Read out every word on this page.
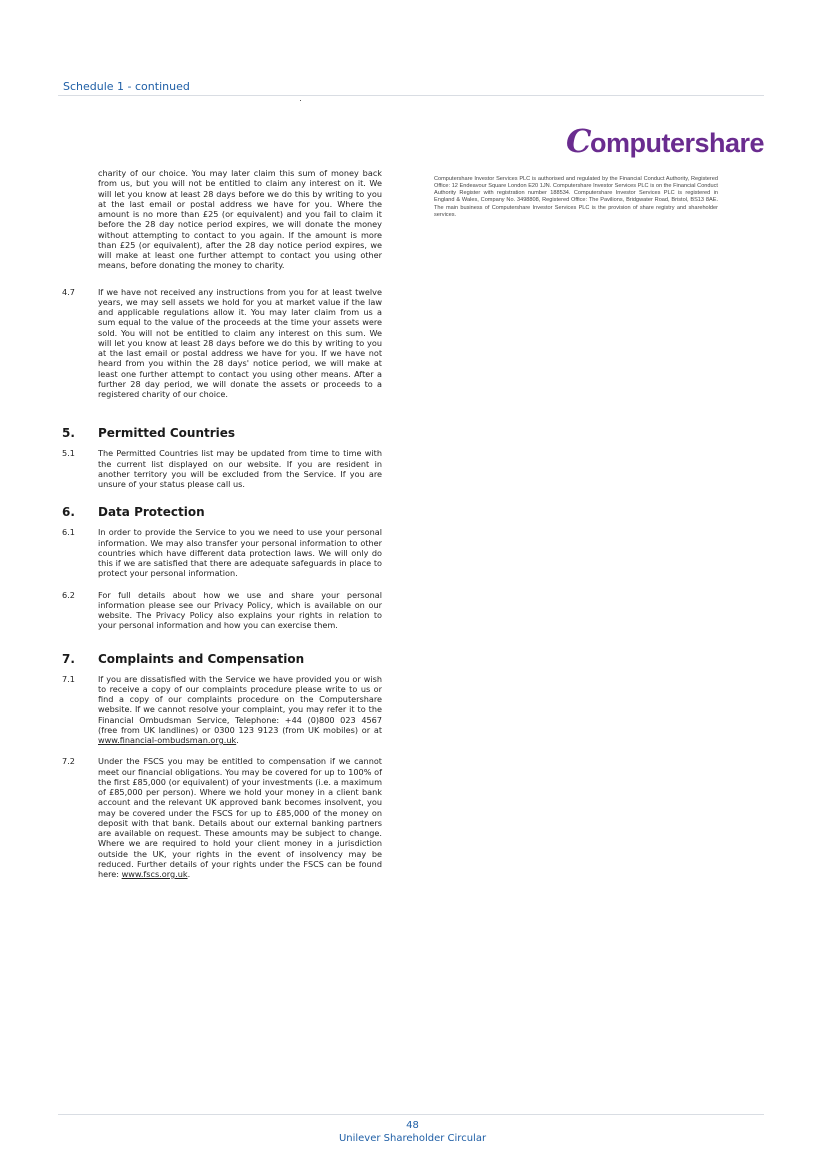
Schedule 1 - continued
Computershare

Computershare Investor Services PLC is authorised and regulated by the Financial Conduct Authority, Registered Office: 12 Endeavour Square London E20 1JN. Computershare Investor Services PLC is on the Financial Conduct Authority Register with registration number 188534. Computershare Investor Services PLC is registered in England & Wales, Company No. 3498808, Registered Office: The Pavilions, Bridgwater Road, Bristol, BS13 8AE. The main business of Computershare Investor Services PLC is the provision of share registry and shareholder services.

charity of our choice. You may later claim this sum of money back from us, but you will not be entitled to claim any interest on it. We will let you know at least 28 days before we do this by writing to you at the last email or postal address we have for you. Where the amount is no more than £25 (or equivalent) and you fail to claim it before the 28 day notice period expires, we will donate the money without attempting to contact to you again. If the amount is more than £25 (or equivalent), after the 28 day notice period expires, we will make at least one further attempt to contact you using other means, before donating the money to charity.

4.7	If we have not received any instructions from you for at least twelve years, we may sell assets we hold for you at market value if the law and applicable regulations allow it. You may later claim from us a sum equal to the value of the proceeds at the time your assets were sold. You will not be entitled to claim any interest on this sum. We will let you know at least 28 days before we do this by writing to you at the last email or postal address we have for you. If we have not heard from you within the 28 days' notice period, we will make at least one further attempt to contact you using other means. After a further 28 day period, we will donate the assets or proceeds to a registered charity of our choice.

5.	Permitted Countries
5.1	The Permitted Countries list may be updated from time to time with the current list displayed on our website. If you are resident in another territory you will be excluded from the Service. If you are unsure of your status please call us.

6.	Data Protection
6.1	In order to provide the Service to you we need to use your personal information. We may also transfer your personal information to other countries which have different data protection laws. We will only do this if we are satisfied that there are adequate safeguards in place to protect your personal information.

6.2	For full details about how we use and share your personal information please see our Privacy Policy, which is available on our website. The Privacy Policy also explains your rights in relation to your personal information and how you can exercise them.

7.	Complaints and Compensation
7.1	If you are dissatisfied with the Service we have provided you or wish to receive a copy of our complaints procedure please write to us or find a copy of our complaints procedure on the Computershare website. If we cannot resolve your complaint, you may refer it to the Financial Ombudsman Service, Telephone: +44 (0)800 023 4567 (free from UK landlines) or 0300 123 9123 (from UK mobiles) or at www.financial-ombudsman.org.uk.

7.2	Under the FSCS you may be entitled to compensation if we cannot meet our financial obligations. You may be covered for up to 100% of the first £85,000 (or equivalent) of your investments (i.e. a maximum of £85,000 per person). Where we hold your money in a client bank account and the relevant UK approved bank becomes insolvent, you may be covered under the FSCS for up to £85,000 of the money on deposit with that bank. Details about our external banking partners are available on request. These amounts may be subject to change. Where we are required to hold your client money in a jurisdiction outside the UK, your rights in the event of insolvency may be reduced. Further details of your rights under the FSCS can be found here: www.fscs.org.uk.

48
Unilever Shareholder Circular
